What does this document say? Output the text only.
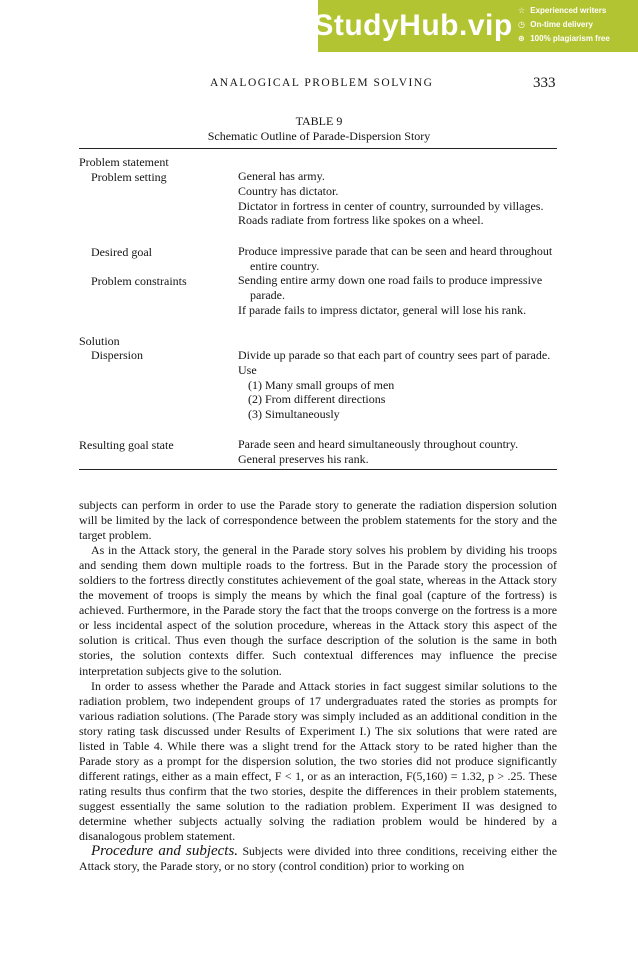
StudyHub.vip ☆ Experienced writers
◷ On-time delivery
⊛ 100% plagiarism free
ANALOGICAL PROBLEM SOLVING	333
TABLE 9
Schematic Outline of Parade-Dispersion Story
Problem statement
Problem setting
Desired goal
Problem constraints
Solution
Dispersion
Resulting goal state
General has army.
Country has dictator.
Dictator in fortress in center of country, surrounded by villages.
Roads radiate from fortress like spokes on a wheel.
Produce impressive parade that can be seen and heard throughout entire country.
Sending entire army down one road fails to produce impressive parade.
If parade fails to impress dictator, general will lose his rank.
Divide up parade so that each part of country sees part of parade.
Use
(1) Many small groups of men
(2) From different directions
(3) Simultaneously
Parade seen and heard simultaneously throughout country.
General preserves his rank.

subjects can perform in order to use the Parade story to generate the radiation dispersion solution will be limited by the lack of correspondence between the problem statements for the story and the target problem.

As in the Attack story, the general in the Parade story solves his problem by dividing his troops and sending them down multiple roads to the fortress. But in the Parade story the procession of soldiers to the fortress directly constitutes achievement of the goal state, whereas in the Attack story the movement of troops is simply the means by which the final goal (capture of the fortress) is achieved. Furthermore, in the Parade story the fact that the troops converge on the fortress is a more or less incidental aspect of the solution procedure, whereas in the Attack story this aspect of the solution is critical. Thus even though the surface description of the solution is the same in both stories, the solution contexts differ. Such contextual differences may influence the precise interpretation subjects give to the solution.

In order to assess whether the Parade and Attack stories in fact suggest similar solutions to the radiation problem, two independent groups of 17 undergraduates rated the stories as prompts for various radiation solutions. (The Parade story was simply included as an additional condition in the story rating task discussed under Results of Experiment I.) The six solutions that were rated are listed in Table 4. While there was a slight trend for the Attack story to be rated higher than the Parade story as a prompt for the dispersion solution, the two stories did not produce significantly different ratings, either as a main effect, F < 1, or as an interaction, F(5,160) = 1.32, p > .25. These rating results thus confirm that the two stories, despite the differences in their problem statements, suggest essentially the same solution to the radiation problem. Experiment II was designed to determine whether subjects actually solving the radiation problem would be hindered by a disanalogous problem statement.

Procedure and subjects. Subjects were divided into three conditions, receiving either the Attack story, the Parade story, or no story (control condition) prior to working on
